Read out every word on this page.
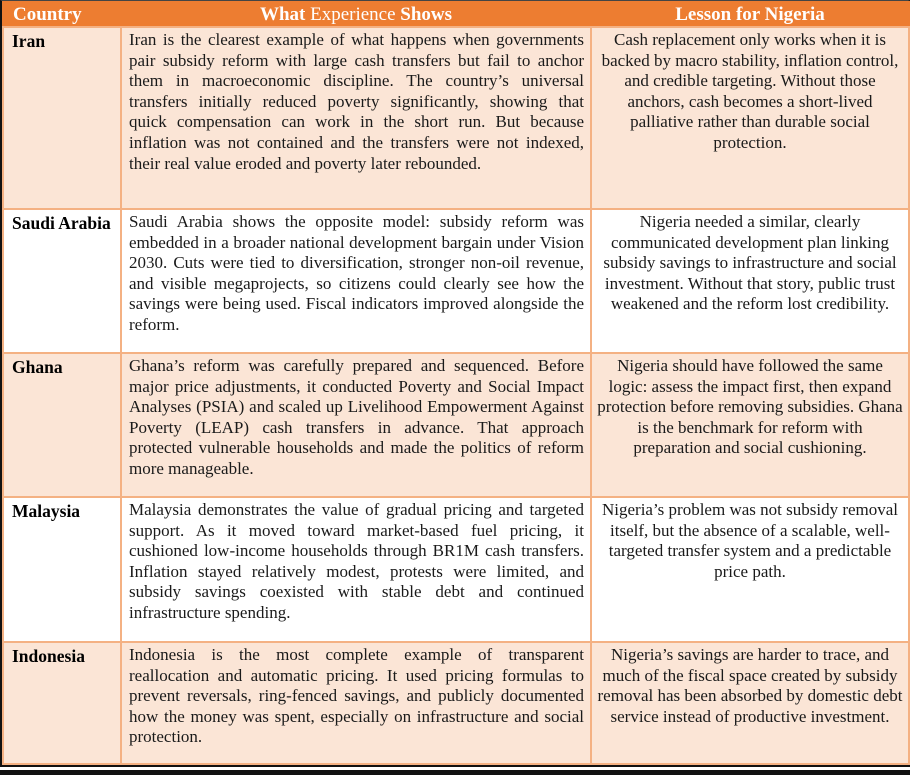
Country	What Experience Shows	Lesson for Nigeria
Iran	Iran is the clearest example of what happens when governments pair subsidy reform with large cash transfers but fail to anchor them in macroeconomic discipline. The country’s universal transfers initially reduced poverty significantly, showing that quick compensation can work in the short run. But because inflation was not contained and the transfers were not indexed, their real value eroded and poverty later rebounded.	Cash replacement only works when it is backed by macro stability, inflation control, and credible targeting. Without those anchors, cash becomes a short-lived palliative rather than durable social protection.
Saudi Arabia	Saudi Arabia shows the opposite model: subsidy reform was embedded in a broader national development bargain under Vision 2030. Cuts were tied to diversification, stronger non-oil revenue, and visible megaprojects, so citizens could clearly see how the savings were being used. Fiscal indicators improved alongside the reform.	Nigeria needed a similar, clearly communicated development plan linking subsidy savings to infrastructure and social investment. Without that story, public trust weakened and the reform lost credibility.
Ghana	Ghana’s reform was carefully prepared and sequenced. Before major price adjustments, it conducted Poverty and Social Impact Analyses (PSIA) and scaled up Livelihood Empowerment Against Poverty (LEAP) cash transfers in advance. That approach protected vulnerable households and made the politics of reform more manageable.	Nigeria should have followed the same logic: assess the impact first, then expand protection before removing subsidies. Ghana is the benchmark for reform with preparation and social cushioning.
Malaysia	Malaysia demonstrates the value of gradual pricing and targeted support. As it moved toward market-based fuel pricing, it cushioned low-income households through BR1M cash transfers. Inflation stayed relatively modest, protests were limited, and subsidy savings coexisted with stable debt and continued infrastructure spending.	Nigeria’s problem was not subsidy removal itself, but the absence of a scalable, well-targeted transfer system and a predictable price path.
Indonesia	Indonesia is the most complete example of transparent reallocation and automatic pricing. It used pricing formulas to prevent reversals, ring-fenced savings, and publicly documented how the money was spent, especially on infrastructure and social protection.	Nigeria’s savings are harder to trace, and much of the fiscal space created by subsidy removal has been absorbed by domestic debt service instead of productive investment.
